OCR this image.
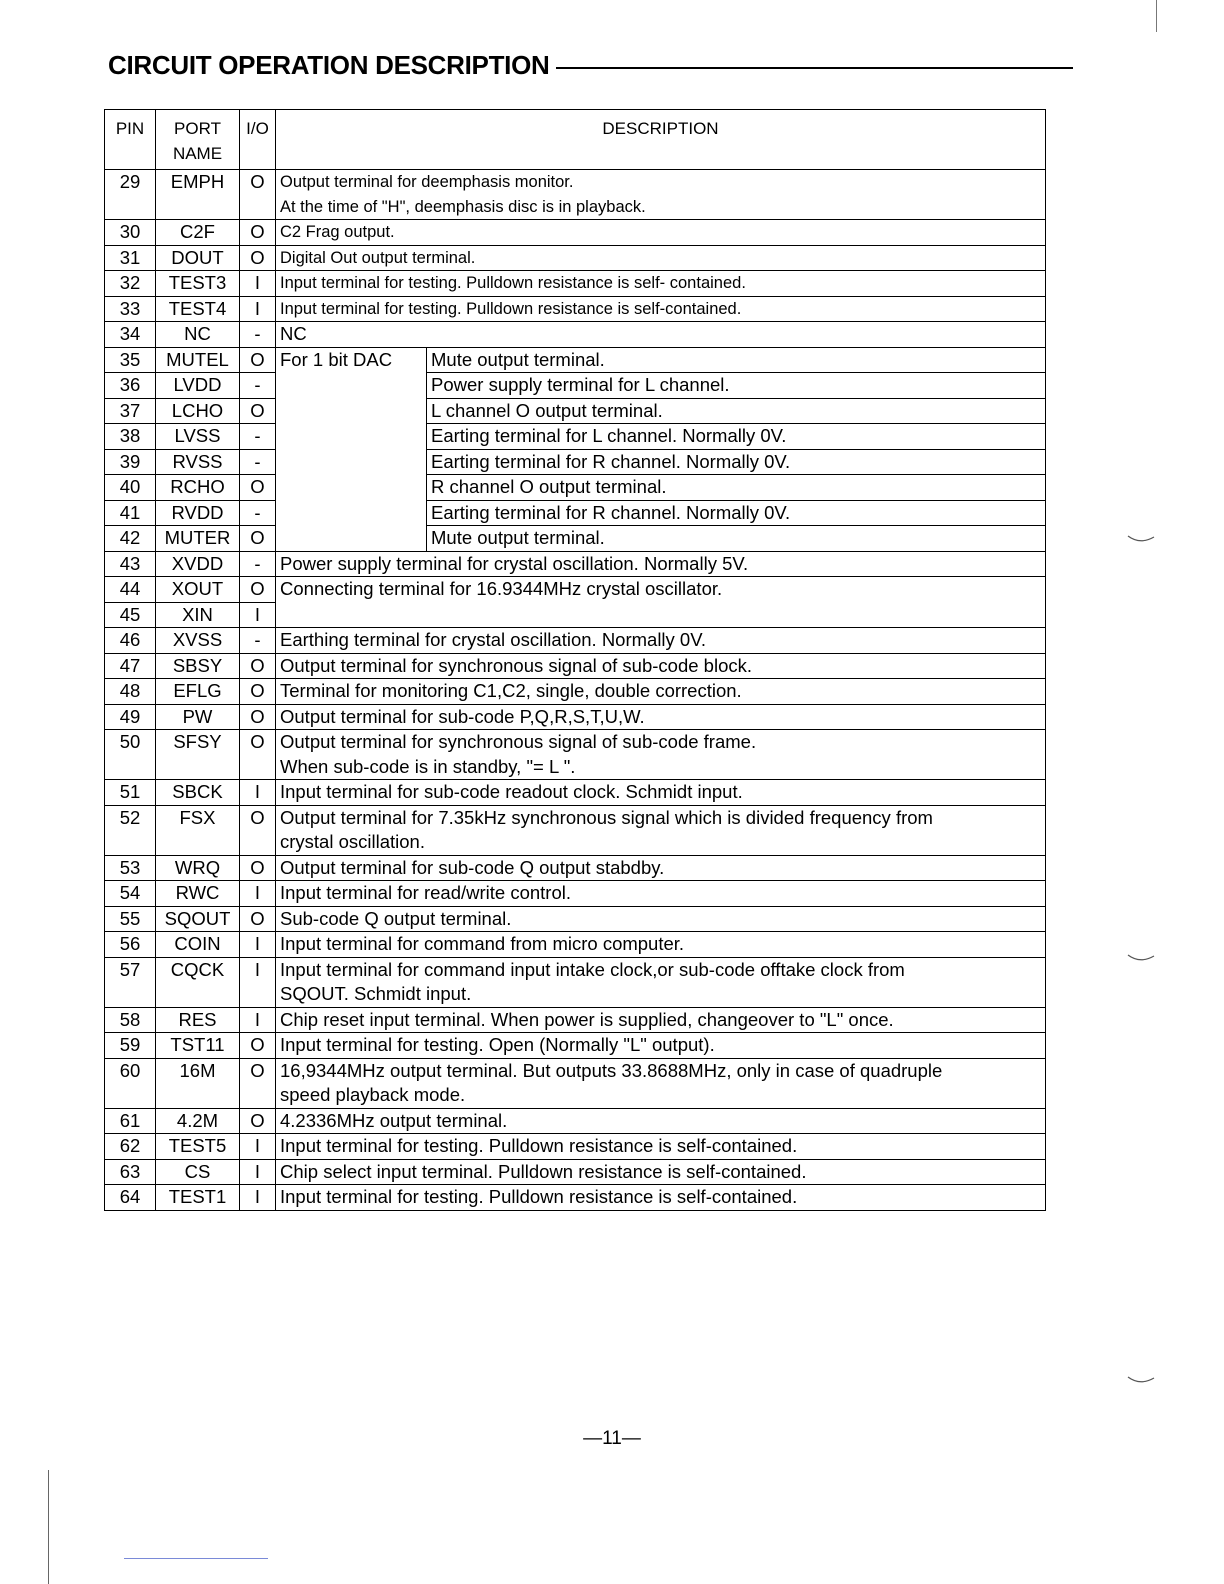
CIRCUIT OPERATION DESCRIPTION
PIN	PORT NAME	I/O	DESCRIPTION	
29	EMPH	O	Output terminal for deemphasis monitor.
At the time of "H", deemphasis disc is in playback.	

30	C2F	O	C2 Frag output.	

31	DOUT	O	Digital Out output terminal.	

32	TEST3	I	Input terminal for testing. Pulldown resistance is self- contained.	

33	TEST4	I	Input terminal for testing. Pulldown resistance is self-contained.	

34	NC	-	NC	

35	MUTEL	O	For 1 bit DAC	Mute output terminal.

36	LVDD	-		Power supply terminal for L channel.

37	LCHO	O		L channel O output terminal.

38	LVSS	-		Earting terminal for L channel. Normally 0V.

39	RVSS	-		Earting terminal for R channel. Normally 0V.

40	RCHO	O		R channel O output terminal.

41	RVDD	-		Earting terminal for R channel. Normally 0V.

42	MUTER	O		Mute output terminal.

43	XVDD	-	Power supply terminal for crystal oscillation. Normally 5V.	

44	XOUT	O	Connecting terminal for 16.9344MHz crystal oscillator.	

45	XIN	I		
46	XVSS	-	Earthing terminal for crystal oscillation. Normally 0V.	

47	SBSY	O	Output terminal for synchronous signal of sub-code block.	

48	EFLG	O	Terminal for monitoring C1,C2, single, double correction.	

49	PW	O	Output terminal for sub-code P,Q,R,S,T,U,W.	

50	SFSY	O	Output terminal for synchronous signal of sub-code frame.
When sub-code is in standby, "= L ".	

51	SBCK	I	Input terminal for sub-code readout clock. Schmidt input.	

52	FSX	O	Output terminal for 7.35kHz synchronous signal which is divided frequency from
crystal oscillation.	

53	WRQ	O	Output terminal for sub-code Q output stabdby.	

54	RWC	I	Input terminal for read/write control.	

55	SQOUT	O	Sub-code Q output terminal.	

56	COIN	I	Input terminal for command from micro computer.	

57	CQCK	I	Input terminal for command input intake clock,or sub-code offtake clock from
SQOUT. Schmidt input.	

58	RES	I	Chip reset input terminal. When power is supplied, changeover to "L" once.	

59	TST11	O	Input terminal for testing. Open (Normally "L" output).	

60	16M	O	16,9344MHz output terminal. But outputs 33.8688MHz, only in case of quadruple
speed playback mode.	

61	4.2M	O	4.2336MHz output terminal.	

62	TEST5	I	Input terminal for testing. Pulldown resistance is self-contained.	

63	CS	I	Chip select input terminal. Pulldown resistance is self-contained.	

64	TEST1	I	Input terminal for testing. Pulldown resistance is self-contained.	
—11—
